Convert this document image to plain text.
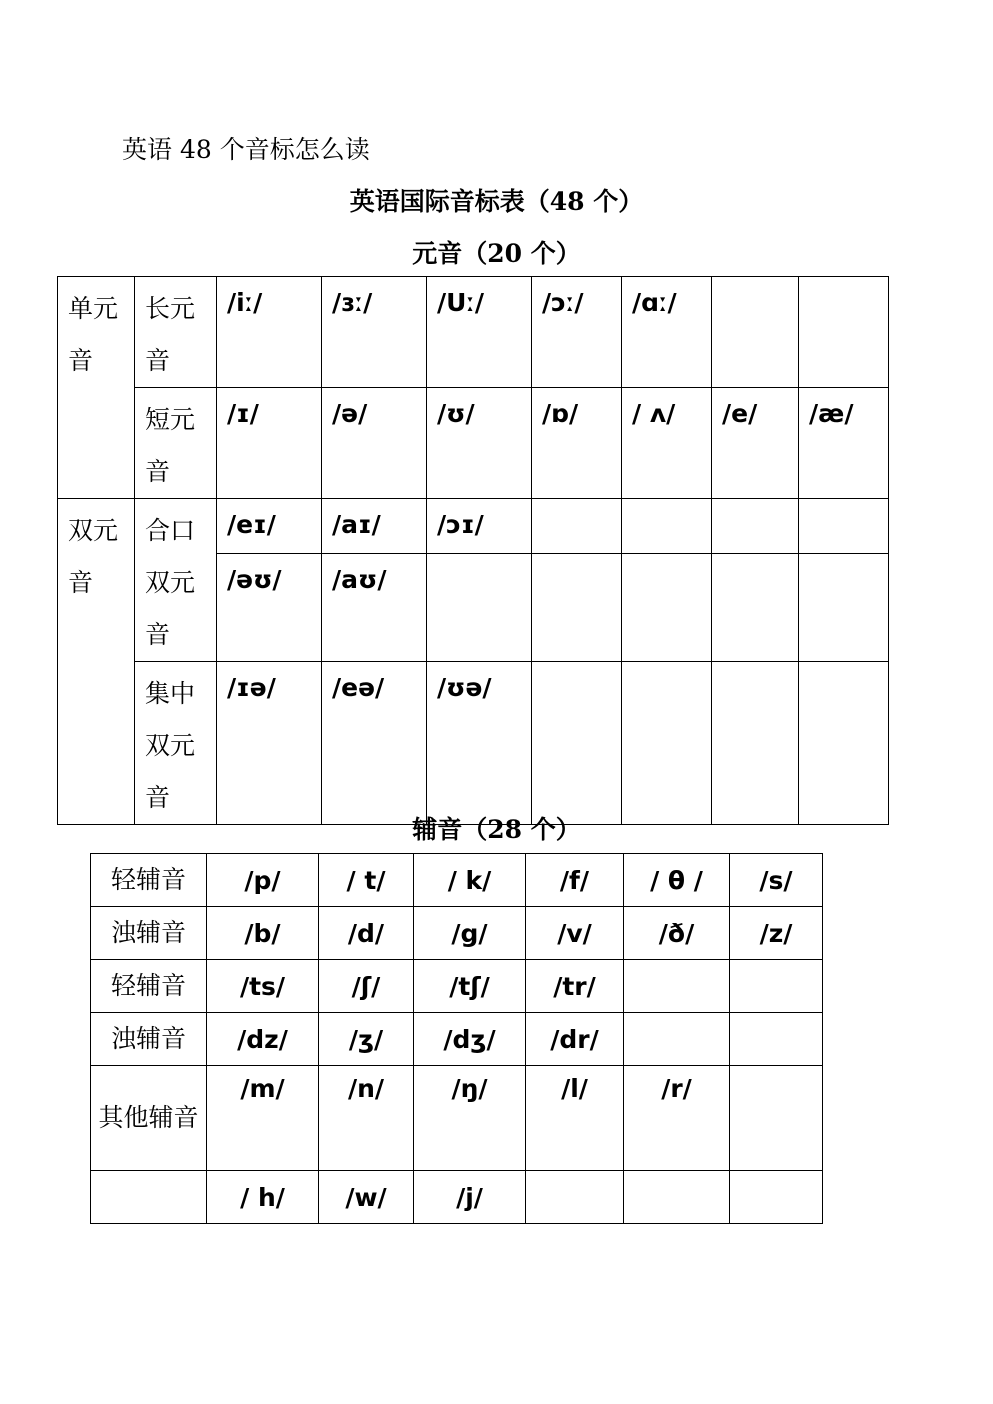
英语 48 个音标怎么读
英语国际音标表（48 个）
元音（20 个）
单元音	长元音	/iː/	/ɜː/	/Uː/	/ɔː/	/ɑː/		
	短元音	/ɪ/	/ə/	/ʊ/	/ɒ/	/ ʌ/	/e/	/æ/
双元音	合口双元音	/eɪ/	/aɪ/	/ɔɪ/				
		/əʊ/	/aʊ/					
	集中双元音	/ɪə/	/eə/	/ʊə/				
辅音（28 个）
轻辅音	/p/	/ t/	/ k/	/f/	/ θ /	/s/
浊辅音	/b/	/d/	/g/	/v/	/ð/	/z/
轻辅音	/ts/	/ʃ/	/tʃ/	/tr/		
浊辅音	/dz/	/ʒ/	/dʒ/	/dr/		
其他辅音	/m/	/n/	/ŋ/	/l/	/r/	
	/ h/	/w/	/j/			
